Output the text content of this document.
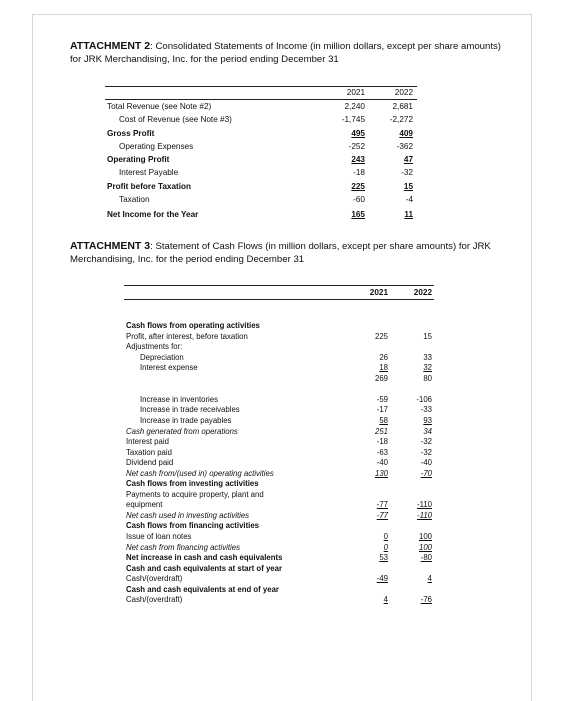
ATTACHMENT 2: Consolidated Statements of Income (in million dollars, except per share amounts) for JRK Merchandising, Inc. for the period ending December 31
2021	2022
Total Revenue (see Note #2)	2,240	2,681
Cost of Revenue (see Note #3)	-1,745	-2,272
Gross Profit	495	409
Operating Expenses	-252	-362
Operating Profit	243	47
Interest Payable	-18	-32
Profit before Taxation	225	15
Taxation	-60	-4
Net Income for the Year	165	11
ATTACHMENT 3: Statement of Cash Flows (in million dollars, except per share amounts) for JRK Merchandising, Inc. for the period ending December 31
2021	2022
Cash flows from operating activities
Profit, after interest, before taxation	225	15
Adjustments for:
Depreciation	26	33
Interest expense	18	32
269	80
Increase in inventories	-59	-106
Increase in trade receivables	-17	-33
Increase in trade payables	58	93
Cash generated from operations	251	34
Interest paid	-18	-32
Taxation paid	-63	-32
Dividend paid	-40	-40
Net cash from/(used in) operating activities	130	-70
Cash flows from investing activities
Payments to acquire property, plant and
equipment	-77	-110
Net cash used in investing activities	-77	-110
Cash flows from financing activities
Issue of loan notes	0	100
Net cash from financing activities	0	100
Net increase in cash and cash equivalents	53	-80
Cash and cash equivalents at start of year
Cash/(overdraft)	-49	4
Cash and cash equivalents at end of year
Cash/(overdraft)	4	-76
